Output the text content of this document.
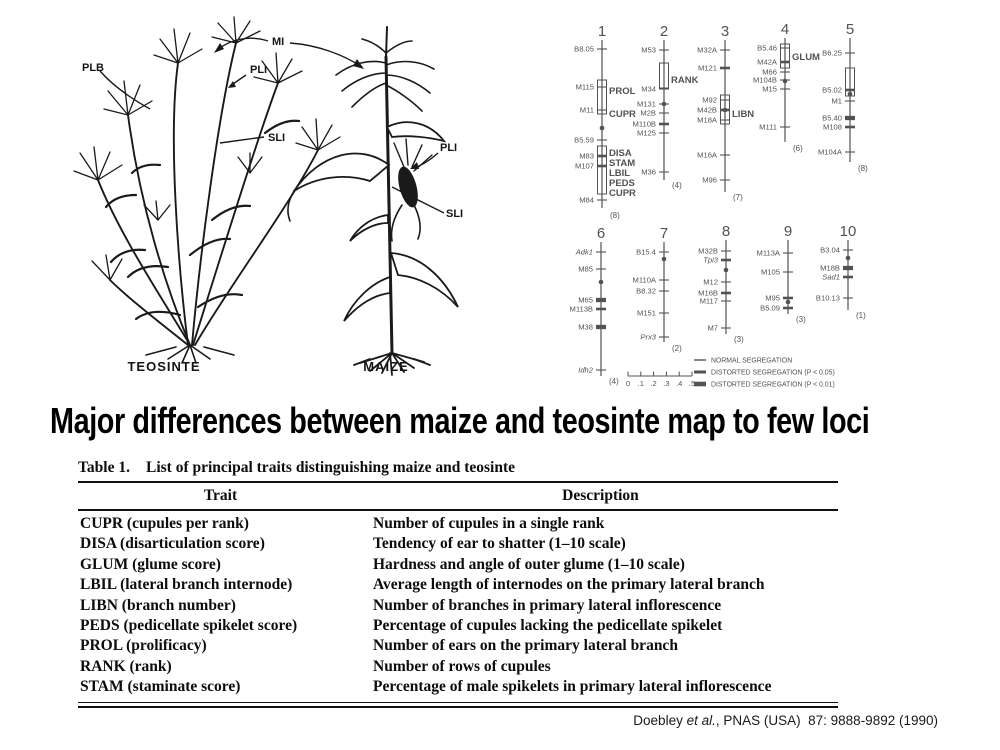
PLB
MI
PLI
SLI
PLI
SLI
TEOSINTE	MAIZE
1
B8.05
M115
M11
B5.59
M83
M107
M84
PROL
CUPR
DISA
STAM
LBIL
PEDS
CUPR
(8)
2
M53
M34
M131
M2B
M110B
M125
M36
RANK
(4)
3
M32A
M121
M92
M42B
M18A
M16A
M96
LIBN
(7)
4
B5.46
M42A
M66
M104B
M15
M111
GLUM
(6)
5
B6.25
B5.02
M1
B5.40
M108
M104A
(8)
6
Adk1
M85
M65
M113B
M38
Idh2
(4)
7
B15.4
M110A
B8.32
M151
Prx3
(2)
8
M32B
Tpi3
M12
M16B
M117
M7
(3)
9
M113A
M105
M95
B5.09
(3)
10
B3.04
M18B
Sad1
B10.13
(1)
0 .1 .2 .3 .4 .5
NORMAL SEGREGATION
DISTORTED SEGREGATION (P < 0.05)
DISTORTED SEGREGATION (P < 0.01)
Major differences between maize and teosinte map to few loci
Table 1. List of principal traits distinguishing maize and teosinte
Trait	Description
CUPR (cupules per rank)	Number of cupules in a single rank
DISA (disarticulation score)	Tendency of ear to shatter (1–10 scale)
GLUM (glume score)	Hardness and angle of outer glume (1–10 scale)
LBIL (lateral branch internode)	Average length of internodes on the primary lateral branch
LIBN (branch number)	Number of branches in primary lateral inflorescence
PEDS (pedicellate spikelet score)	Percentage of cupules lacking the pedicellate spikelet
PROL (prolificacy)	Number of ears on the primary lateral branch
RANK (rank)	Number of rows of cupules
STAM (staminate score)	Percentage of male spikelets in primary lateral inflorescence
Doebley et al., PNAS (USA)  87: 9888-9892 (1990)
